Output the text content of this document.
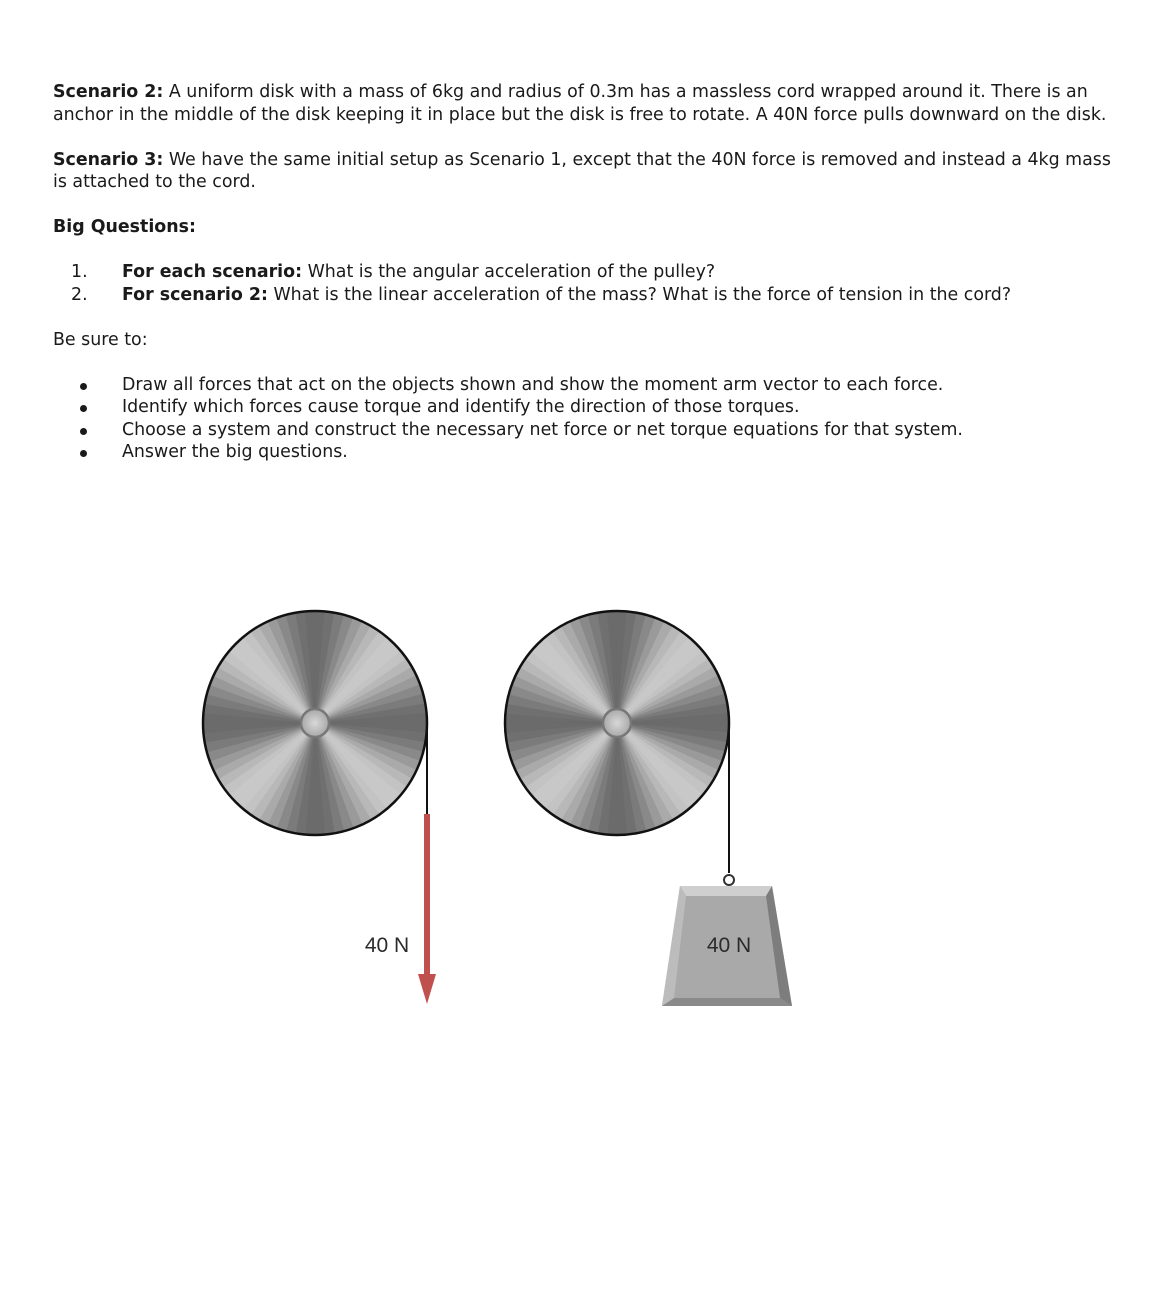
Scenario 2: A uniform disk with a mass of 6kg and radius of 0.3m has a massless cord wrapped around it. There is an anchor in the middle of the disk keeping it in place but the disk is free to rotate. A 40N force pulls downward on the disk.

Scenario 3: We have the same initial setup as Scenario 1, except that the 40N force is removed and instead a 4kg mass is attached to the cord.

Big Questions:

1. For each scenario: What is the angular acceleration of the pulley?
2. For scenario 2: What is the linear acceleration of the mass? What is the force of tension in the cord?

Be sure to:

Draw all forces that act on the objects shown and show the moment arm vector to each force.
Identify which forces cause torque and identify the direction of those torques.
Choose a system and construct the necessary net force or net torque equations for that system.
Answer the big questions.
40 N	40 N
